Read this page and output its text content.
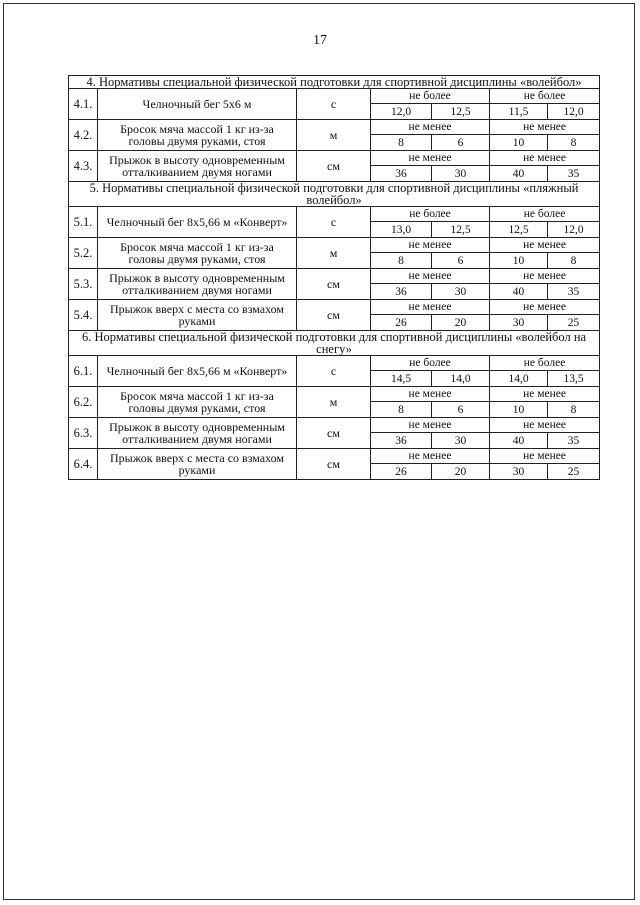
17
4. Нормативы специальной физической подготовки для спортивной дисциплины «волейбол»						
4.1.	Челночный бег 5х6 м	с	не более		не более	
			12,0	12,5	11,5	12,0
4.2.	Бросок мяча массой 1 кг из-за головы двумя руками, стоя	м	не менее		не менее	
			8	6	10	8
4.3.	Прыжок в высоту одновременным отталкиванием двумя ногами	см	не менее		не менее	
			36	30	40	35
5. Нормативы специальной физической подготовки для спортивной дисциплины «пляжный волейбол»						
5.1.	Челночный бег 8х5,66 м «Конверт»	с	не более		не более	
			13,0	12,5	12,5	12,0
5.2.	Бросок мяча массой 1 кг из-за головы двумя руками, стоя	м	не менее		не менее	
			8	6	10	8
5.3.	Прыжок в высоту одновременным отталкиванием двумя ногами	см	не менее		не менее	
			36	30	40	35
5.4.	Прыжок вверх с места со взмахом руками	см	не менее		не менее	
			26	20	30	25
6. Нормативы специальной физической подготовки для спортивной дисциплины «волейбол на снегу»						
6.1.	Челночный бег 8х5,66 м «Конверт»	с	не более		не более	
			14,5	14,0	14,0	13,5
6.2.	Бросок мяча массой 1 кг из-за головы двумя руками, стоя	м	не менее		не менее	
			8	6	10	8
6.3.	Прыжок в высоту одновременным отталкиванием двумя ногами	см	не менее		не менее	
			36	30	40	35
6.4.	Прыжок вверх с места со взмахом руками	см	не менее		не менее	
			26	20	30	25
